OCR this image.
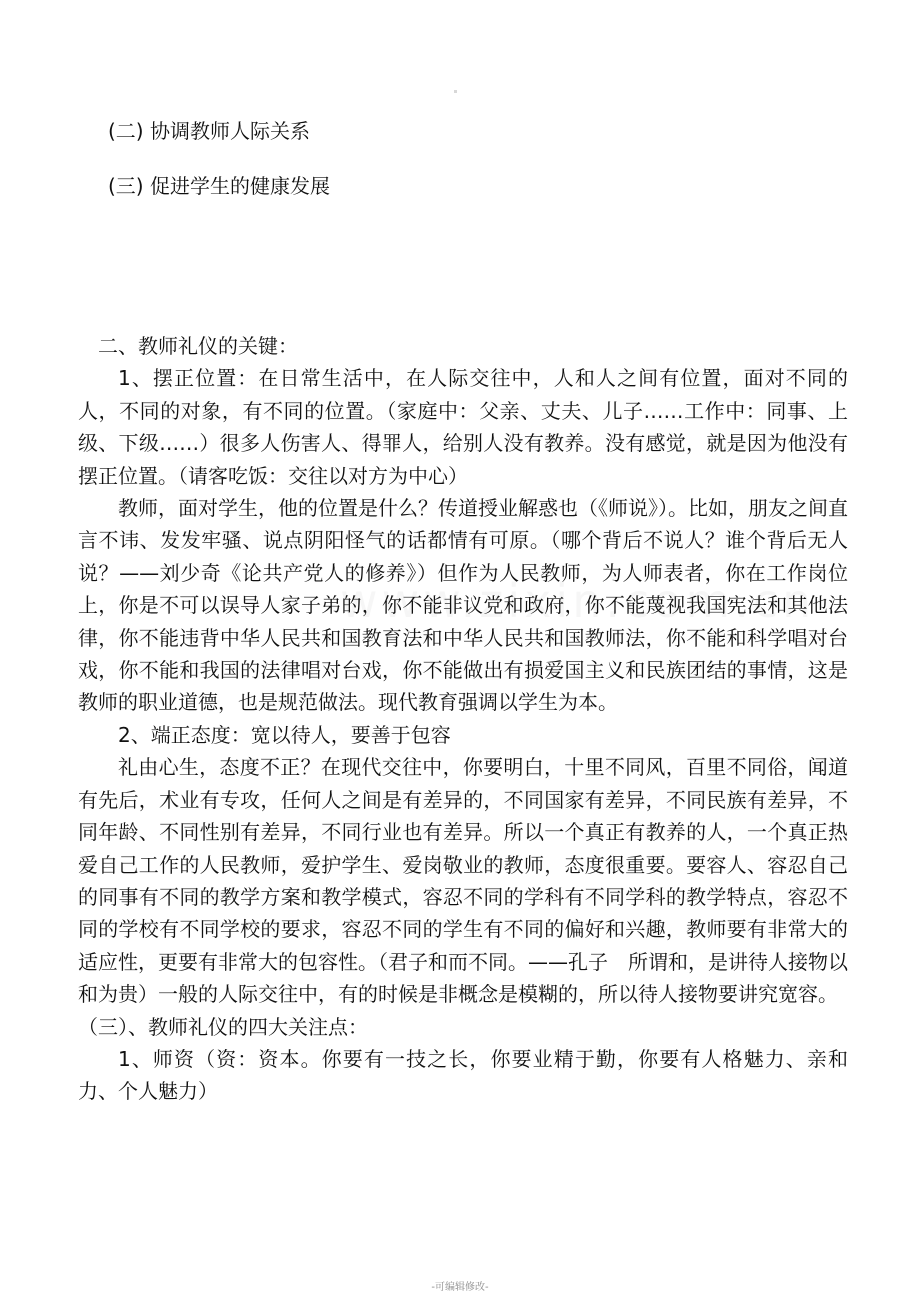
(二) 协调教师人际关系
(三) 促进学生的健康发展

二、教师礼仪的关键：

1、摆正位置：在日常生活中，在人际交往中，人和人之间有位置，面对不同的人，不同的对象，有不同的位置。（家庭中：父亲、丈夫、儿子……工作中：同事、上级、下级……）很多人伤害人、得罪人，给别人没有教养。没有感觉，就是因为他没有摆正位置。（请客吃饭：交往以对方为中心）

教师，面对学生，他的位置是什么？传道授业解惑也（《师说》）。比如，朋友之间直言不讳、发发牢骚、说点阴阳怪气的话都情有可原。（哪个背后不说人？谁个背后无人说？——刘少奇《论共产党人的修养》）但作为人民教师，为人师表者，你在工作岗位上，你是不可以误导人家子弟的，你不能非议党和政府，你不能蔑视我国宪法和其他法律，你不能违背中华人民共和国教育法和中华人民共和国教师法，你不能和科学唱对台戏，你不能和我国的法律唱对台戏，你不能做出有损爱国主义和民族团结的事情，这是教师的职业道德，也是规范做法。现代教育强调以学生为本。

2、端正态度：宽以待人，要善于包容

礼由心生，态度不正？在现代交往中，你要明白，十里不同风，百里不同俗，闻道有先后，术业有专攻，任何人之间是有差异的，不同国家有差异，不同民族有差异，不同年龄、不同性别有差异，不同行业也有差异。所以一个真正有教养的人，一个真正热爱自己工作的人民教师，爱护学生、爱岗敬业的教师，态度很重要。要容人、容忍自己的同事有不同的教学方案和教学模式，容忍不同的学科有不同学科的教学特点，容忍不同的学校有不同学校的要求，容忍不同的学生有不同的偏好和兴趣，教师要有非常大的适应性，更要有非常大的包容性。（君子和而不同。——孔子　所谓和，是讲待人接物以和为贵）一般的人际交往中，有的时候是非概念是模糊的，所以待人接物要讲究宽容。

（三）、教师礼仪的四大关注点：

1、师资（资：资本。你要有一技之长，你要业精于勤，你要有人格魅力、亲和力、个人魅力）

-可编辑修改-
